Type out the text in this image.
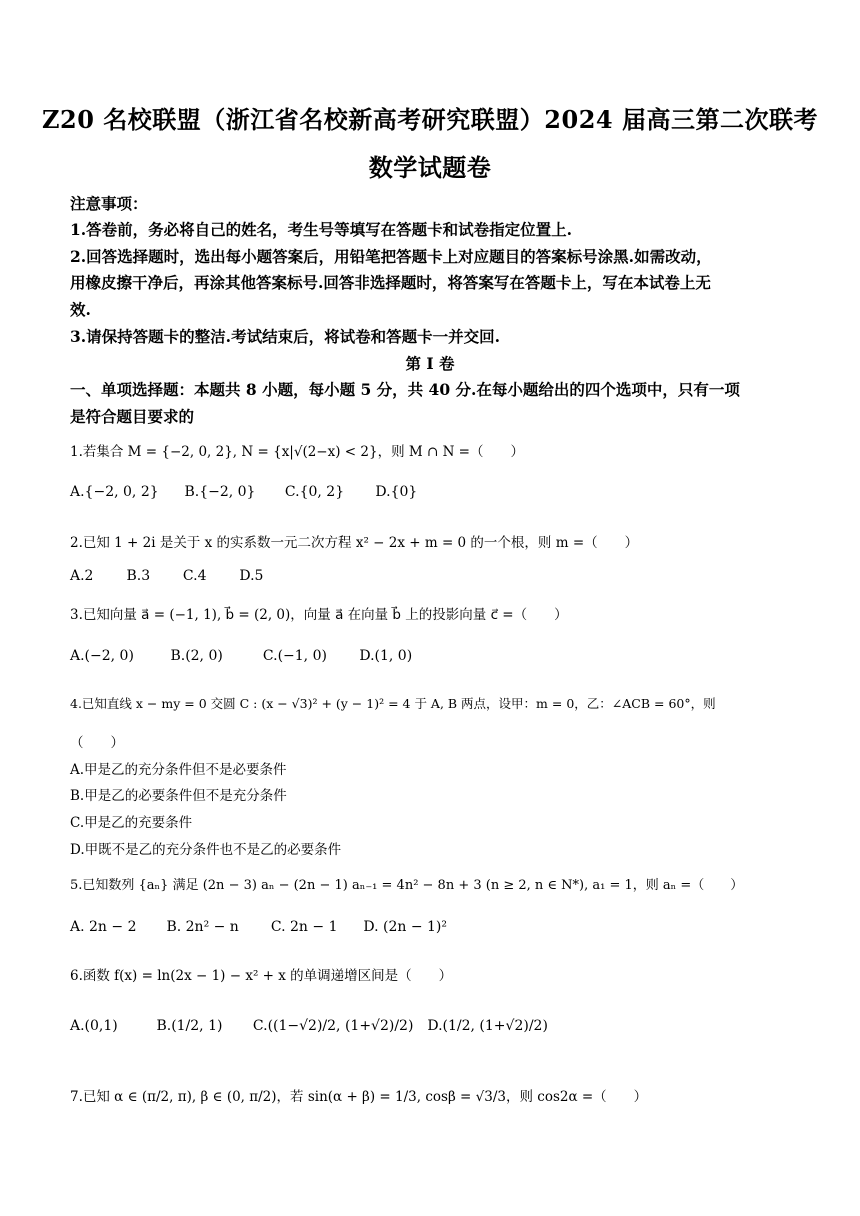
Z20 名校联盟（浙江省名校新高考研究联盟）2024 届高三第二次联考
数学试题卷
注意事项：
1.答卷前，务必将自己的姓名，考生号等填写在答题卡和试卷指定位置上.
2.回答选择题时，选出每小题答案后，用铅笔把答题卡上对应题目的答案标号涂黑.如需改动，
用橡皮擦干净后，再涂其他答案标号.回答非选择题时，将答案写在答题卡上，写在本试卷上无
效.
3.请保持答题卡的整洁.考试结束后，将试卷和答题卡一并交回.
第 I 卷
一、单项选择题：本题共 8 小题，每小题 5 分，共 40 分.在每小题给出的四个选项中，只有一项
是符合题目要求的
1.若集合 M = {−2, 0, 2}, N = {x|√(2−x) < 2}，则 M ∩ N =（　　）
A.{−2, 0, 2} B.{−2, 0} C.{0, 2} D.{0}
2.已知 1 + 2i 是关于 x 的实系数一元二次方程 x² − 2x + m = 0 的一个根，则 m =（　　）
A.2 B.3 C.4 D.5
3.已知向量 a⃗ = (−1, 1), b⃗ = (2, 0)，向量 a⃗ 在向量 b⃗ 上的投影向量 c⃗ =（　　）
A.(−2, 0)	B.(2, 0)	C.(−1, 0) D.(1, 0)
4.已知直线 x − my = 0 交圆 C : (x − √3)² + (y − 1)² = 4 于 A, B 两点，设甲：m = 0，乙：∠ACB = 60°，则
（　　）
A.甲是乙的充分条件但不是必要条件
B.甲是乙的必要条件但不是充分条件
C.甲是乙的充要条件
D.甲既不是乙的充分条件也不是乙的必要条件
5.已知数列 {aₙ} 满足 (2n − 3) aₙ − (2n − 1) aₙ₋₁ = 4n² − 8n + 3 (n ≥ 2, n ∈ N*), a₁ = 1，则 aₙ =（　　）
A. 2n − 2 B. 2n² − n C. 2n − 1 D. (2n − 1)²
6.函数 f(x) = ln(2x − 1) − x² + x 的单调递增区间是（　　）
A.(0,1)	B.(1/2, 1) C.((1−√2)/2, (1+√2)/2) D.(1/2, (1+√2)/2)
7.已知 α ∈ (π/2, π), β ∈ (0, π/2)，若 sin(α + β) = 1/3, cosβ = √3/3，则 cos2α =（　　）
